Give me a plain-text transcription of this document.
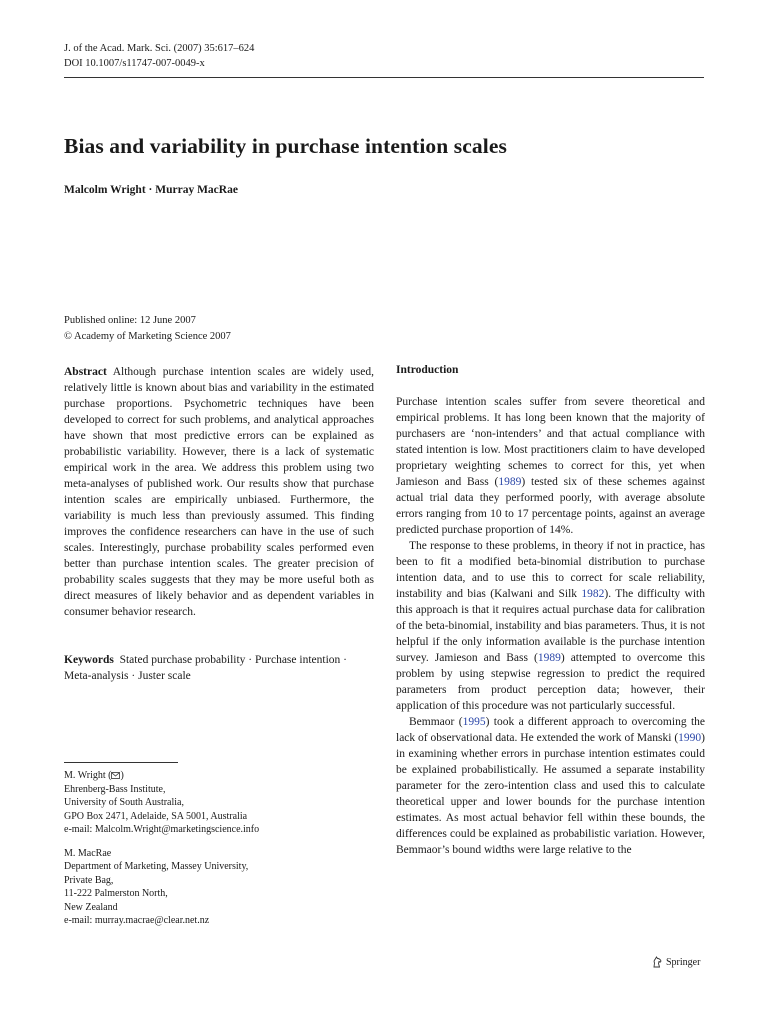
J. of the Acad. Mark. Sci. (2007) 35:617–624
DOI 10.1007/s11747-007-0049-x
Bias and variability in purchase intention scales
Malcolm Wright · Murray MacRae
Published online: 12 June 2007
© Academy of Marketing Science 2007

Abstract Although purchase intention scales are widely used, relatively little is known about bias and variability in the estimated purchase proportions. Psychometric techniques have been developed to correct for such problems, and analytical approaches have shown that most predictive errors can be explained as probabilistic variability. However, there is a lack of systematic empirical work in the area. We address this problem using two meta-analyses of published work. Our results show that purchase intention scales are empirically unbiased. Furthermore, the variability is much less than previously assumed. This finding improves the confidence researchers can have in the use of such scales. Interestingly, purchase probability scales performed even better than purchase intention scales. The greater precision of probability scales suggests that they may be more useful both as direct measures of likely behavior and as dependent variables in consumer behavior research.

Keywords Stated purchase probability · Purchase intention · Meta-analysis · Juster scale

M. Wright ( )
Ehrenberg-Bass Institute,
University of South Australia,
GPO Box 2471, Adelaide, SA 5001, Australia
e-mail: Malcolm.Wright@marketingscience.info
M. MacRae
Department of Marketing, Massey University,
Private Bag,
11-222 Palmerston North,
New Zealand
e-mail: murray.macrae@clear.net.nz
Introduction

Purchase intention scales suffer from severe theoretical and empirical problems. It has long been known that the majority of purchasers are ‘non-intenders’ and that actual compliance with stated intention is low. Most practitioners claim to have developed proprietary weighting schemes to correct for this, yet when Jamieson and Bass (1989) tested six of these schemes against actual trial data they performed poorly, with average absolute errors ranging from 10 to 17 percentage points, against an average predicted purchase proportion of 14%.

The response to these problems, in theory if not in practice, has been to fit a modified beta-binomial distribution to purchase intention data, and to use this to correct for scale reliability, instability and bias (Kalwani and Silk 1982). The difficulty with this approach is that it requires actual purchase data for calibration of the beta-binomial, instability and bias parameters. Thus, it is not helpful if the only information available is the purchase intention survey. Jamieson and Bass (1989) attempted to overcome this problem by using stepwise regression to predict the required parameters from product perception data; however, their application of this procedure was not particularly successful.

Bemmaor (1995) took a different approach to overcoming the lack of observational data. He extended the work of Manski (1990) in examining whether errors in purchase intention estimates could be explained probabilistically. He assumed a separate instability parameter for the zero-intention class and used this to calculate theoretical upper and lower bounds for the purchase intention estimates. As most actual behavior fell within these bounds, the differences could be explained as probabilistic variation. However, Bemmaor’s bound widths were large relative to the

Springer
